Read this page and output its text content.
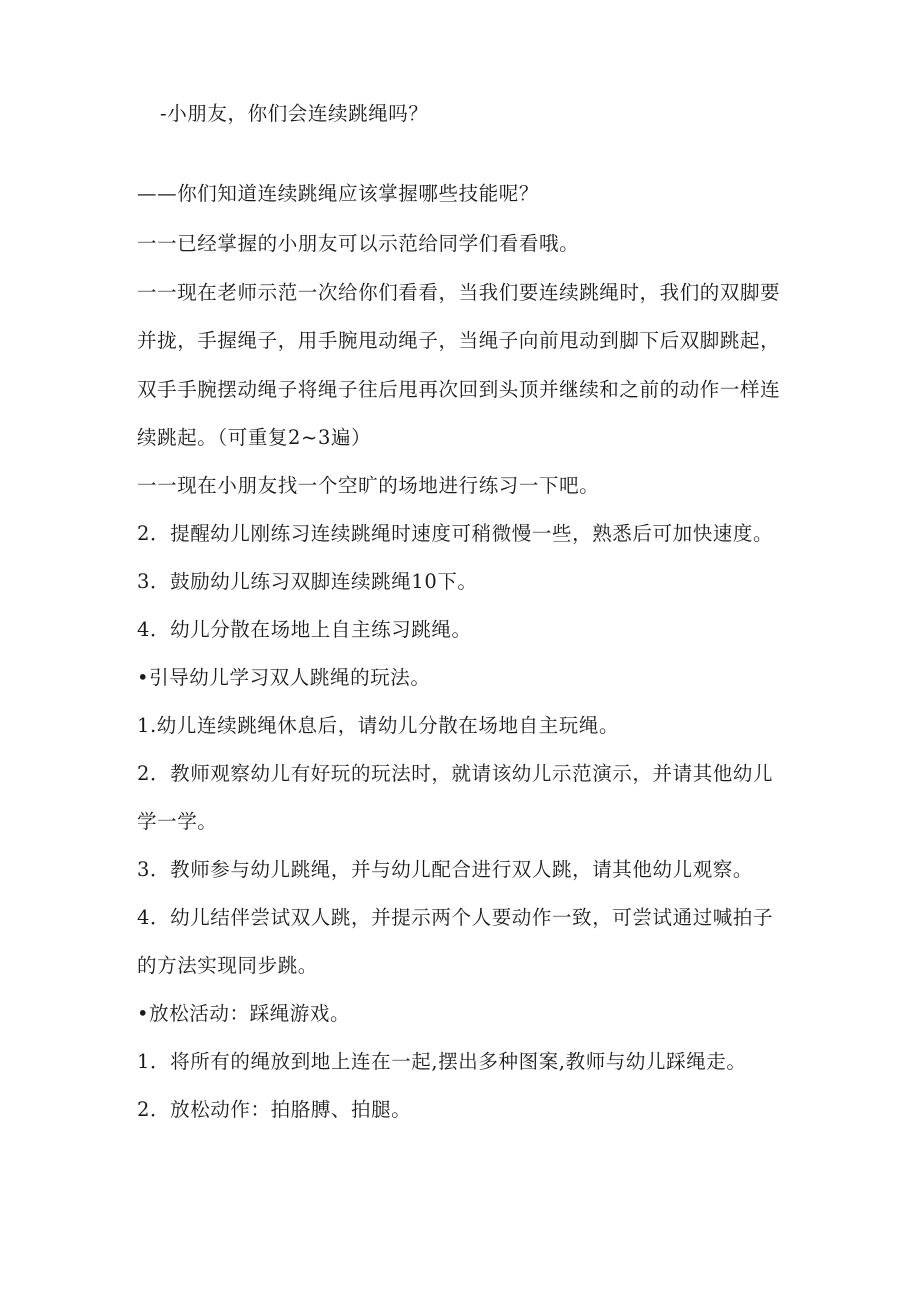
-小朋友，你们会连续跳绳吗？
——你们知道连续跳绳应该掌握哪些技能呢？
一一已经掌握的小朋友可以示范给同学们看看哦。
一一现在老师示范一次给你们看看，当我们要连续跳绳时，我们的双脚要
并拢，手握绳子，用手腕甩动绳子，当绳子向前甩动到脚下后双脚跳起，
双手手腕摆动绳子将绳子往后甩再次回到头顶并继续和之前的动作一样连
续跳起。（可重复2~3遍）
一一现在小朋友找一个空旷的场地进行练习一下吧。
2．提醒幼儿刚练习连续跳绳时速度可稍微慢一些，熟悉后可加快速度。
3．鼓励幼儿练习双脚连续跳绳10下。
4．幼儿分散在场地上自主练习跳绳。
•引导幼儿学习双人跳绳的玩法。
1.幼儿连续跳绳休息后，请幼儿分散在场地自主玩绳。
2．教师观察幼儿有好玩的玩法时，就请该幼儿示范演示，并请其他幼儿
学一学。
3．教师参与幼儿跳绳，并与幼儿配合进行双人跳，请其他幼儿观察。
4．幼儿结伴尝试双人跳，并提示两个人要动作一致，可尝试通过喊拍子
的方法实现同步跳。
•放松活动：踩绳游戏。
1．将所有的绳放到地上连在一起,摆出多种图案,教师与幼儿踩绳走。
2．放松动作：拍胳膊、拍腿。
